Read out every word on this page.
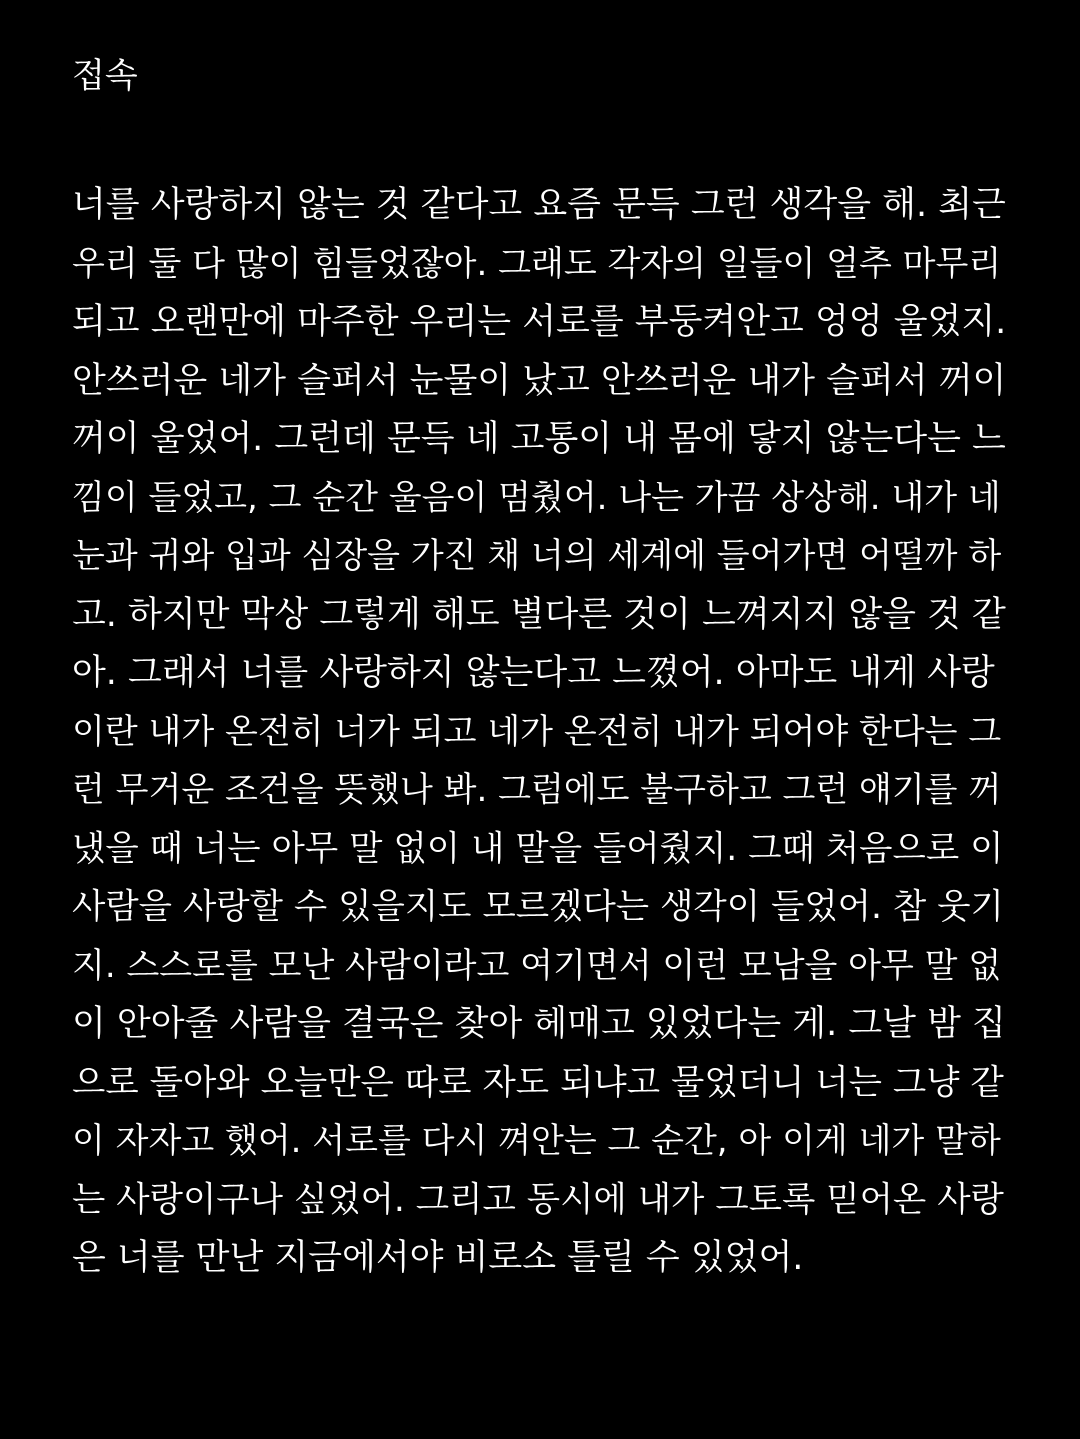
접속
너를 사랑하지 않는 것 같다고 요즘 문득 그런 생각을 해. 최근
우리 둘 다 많이 힘들었잖아. 그래도 각자의 일들이 얼추 마무리
되고 오랜만에 마주한 우리는 서로를 부둥켜안고 엉엉 울었지.
안쓰러운 네가 슬퍼서 눈물이 났고 안쓰러운 내가 슬퍼서 꺼이
꺼이 울었어. 그런데 문득 네 고통이 내 몸에 닿지 않는다는 느
낌이 들었고, 그 순간 울음이 멈췄어. 나는 가끔 상상해. 내가 네
눈과 귀와 입과 심장을 가진 채 너의 세계에 들어가면 어떨까 하
고. 하지만 막상 그렇게 해도 별다른 것이 느껴지지 않을 것 같
아. 그래서 너를 사랑하지 않는다고 느꼈어. 아마도 내게 사랑
이란 내가 온전히 너가 되고 네가 온전히 내가 되어야 한다는 그
런 무거운 조건을 뜻했나 봐. 그럼에도 불구하고 그런 얘기를 꺼
냈을 때 너는 아무 말 없이 내 말을 들어줬지. 그때 처음으로 이
사람을 사랑할 수 있을지도 모르겠다는 생각이 들었어. 참 웃기
지. 스스로를 모난 사람이라고 여기면서 이런 모남을 아무 말 없
이 안아줄 사람을 결국은 찾아 헤매고 있었다는 게. 그날 밤 집
으로 돌아와 오늘만은 따로 자도 되냐고 물었더니 너는 그냥 같
이 자자고 했어. 서로를 다시 껴안는 그 순간, 아 이게 네가 말하
는 사랑이구나 싶었어. 그리고 동시에 내가 그토록 믿어온 사랑
은 너를 만난 지금에서야 비로소 틀릴 수 있었어.
